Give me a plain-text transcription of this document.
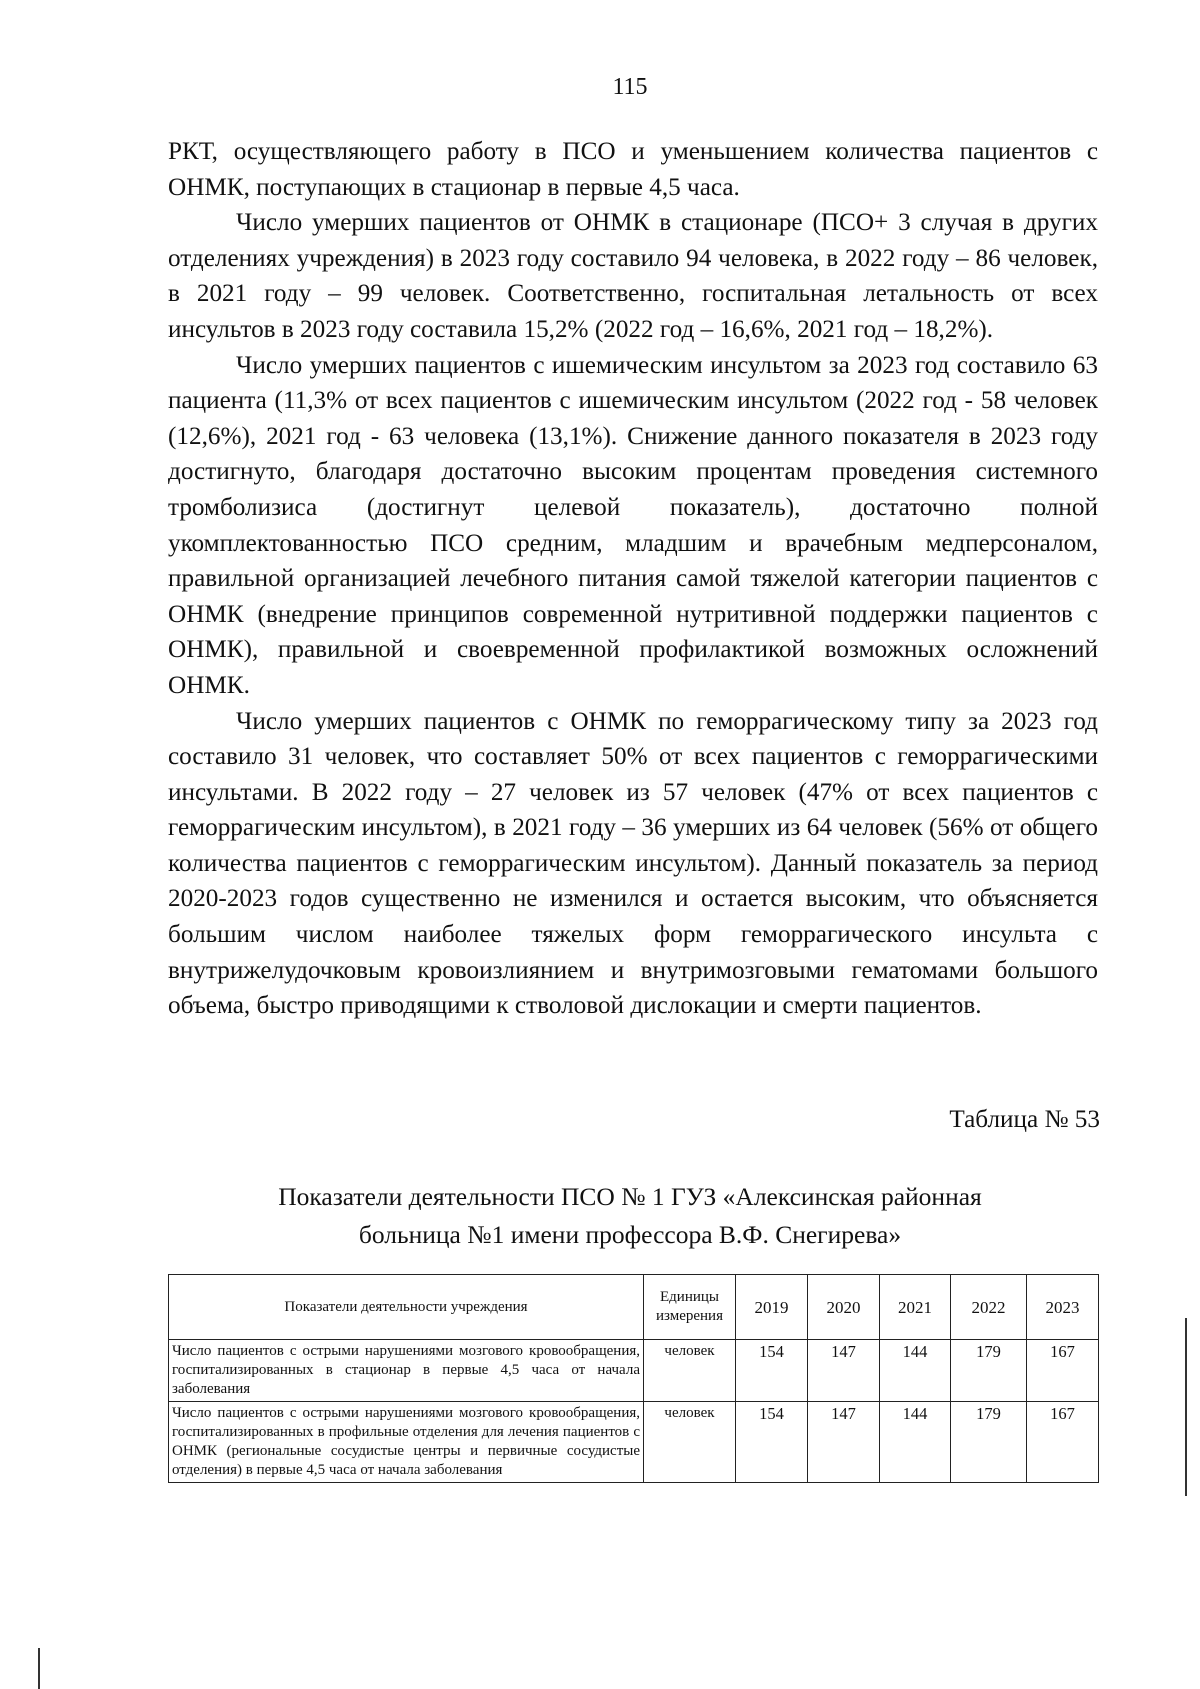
115

РКТ, осуществляющего работу в ПСО и уменьшением количества пациентов с ОНМК, поступающих в стационар в первые 4,5 часа.

Число умерших пациентов от ОНМК в стационаре (ПСО+ 3 случая в других отделениях учреждения) в 2023 году составило 94 человека, в 2022 году – 86 человек, в 2021 году – 99 человек. Соответственно, госпитальная летальность от всех инсультов в 2023 году составила 15,2% (2022 год – 16,6%, 2021 год – 18,2%).

Число умерших пациентов с ишемическим инсультом за 2023 год составило 63 пациента (11,3% от всех пациентов с ишемическим инсультом (2022 год - 58 человек (12,6%), 2021 год - 63 человека (13,1%). Снижение данного показателя в 2023 году достигнуто, благодаря достаточно высоким процентам проведения системного тромболизиса (достигнут целевой показатель), достаточно полной укомплектованностью ПСО средним, младшим и врачебным медперсоналом, правильной организацией лечебного питания самой тяжелой категории пациентов с ОНМК (внедрение принципов современной нутритивной поддержки пациентов с ОНМК), правильной и своевременной профилактикой возможных осложнений ОНМК.

Число умерших пациентов с ОНМК по геморрагическому типу за 2023 год составило 31 человек, что составляет 50% от всех пациентов с геморрагическими инсультами. В 2022 году – 27 человек из 57 человек (47% от всех пациентов с геморрагическим инсультом), в 2021 году – 36 умерших из 64 человек (56% от общего количества пациентов с геморрагическим инсультом). Данный показатель за период 2020-2023 годов существенно не изменился и остается высоким, что объясняется большим числом наиболее тяжелых форм геморрагического инсульта с внутрижелудочковым кровоизлиянием и внутримозговыми гематомами большого объема, быстро приводящими к стволовой дислокации и смерти пациентов.

Таблица № 53
Показатели деятельности ПСО № 1 ГУЗ «Алексинская районная
больница №1 имени профессора В.Ф. Снегирева»
Показатели деятельности учреждения	Единицы измерения	2019	2020	2021	2022	2023
Число пациентов с острыми нарушениями мозгового кровообращения, госпитализированных в стационар в первые 4,5 часа от начала заболевания	человек	154	147	144	179	167
Число пациентов с острыми нарушениями мозгового кровообращения, госпитализированных в профильные отделения для лечения пациентов с ОНМК (региональные сосудистые центры и первичные сосудистые отделения) в первые 4,5 часа от начала заболевания	человек	154	147	144	179	167
